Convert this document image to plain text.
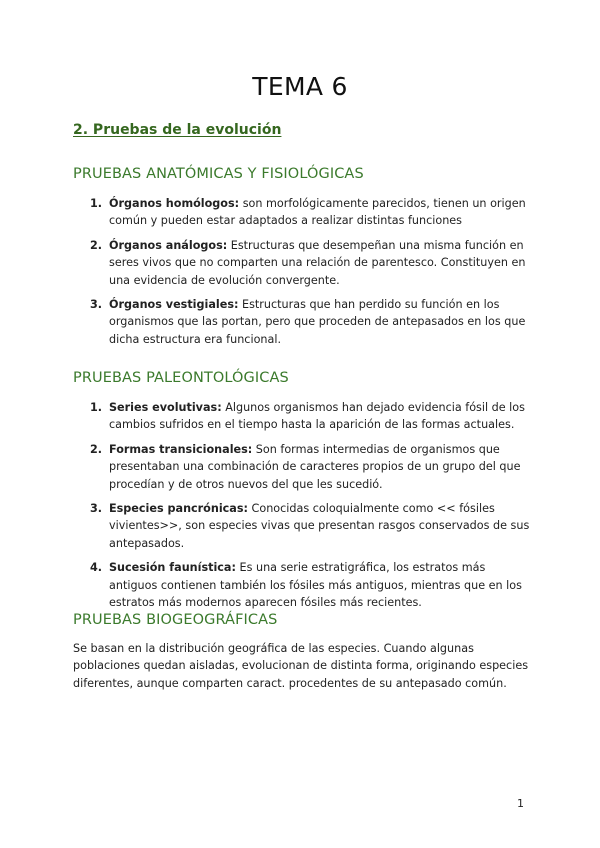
TEMA 6
2. Pruebas de la evolución
PRUEBAS ANATÓMICAS Y FISIOLÓGICAS
1. Órganos homólogos: son morfológicamente parecidos, tienen un origen común y pueden estar adaptados a realizar distintas funciones
2. Órganos análogos: Estructuras que desempeñan una misma función en seres vivos que no comparten una relación de parentesco. Constituyen en una evidencia de evolución convergente.
3. Órganos vestigiales: Estructuras que han perdido su función en los organismos que las portan, pero que proceden de antepasados en los que dicha estructura era funcional.
PRUEBAS PALEONTOLÓGICAS
1. Series evolutivas: Algunos organismos han dejado evidencia fósil de los cambios sufridos en el tiempo hasta la aparición de las formas actuales.
2. Formas transicionales: Son formas intermedias de organismos que presentaban una combinación de caracteres propios de un grupo del que procedían y de otros nuevos del que les sucedió.
3. Especies pancrónicas: Conocidas coloquialmente como << fósiles vivientes>>, son especies vivas que presentan rasgos conservados de sus antepasados.
4. Sucesión faunística: Es una serie estratigráfica, los estratos más antiguos contienen también los fósiles más antiguos, mientras que en los estratos más modernos aparecen fósiles más recientes.
PRUEBAS BIOGEOGRÁFICAS

Se basan en la distribución geográfica de las especies. Cuando algunas poblaciones quedan aisladas, evolucionan de distinta forma, originando especies diferentes, aunque comparten caract. procedentes de su antepasado común.

1
